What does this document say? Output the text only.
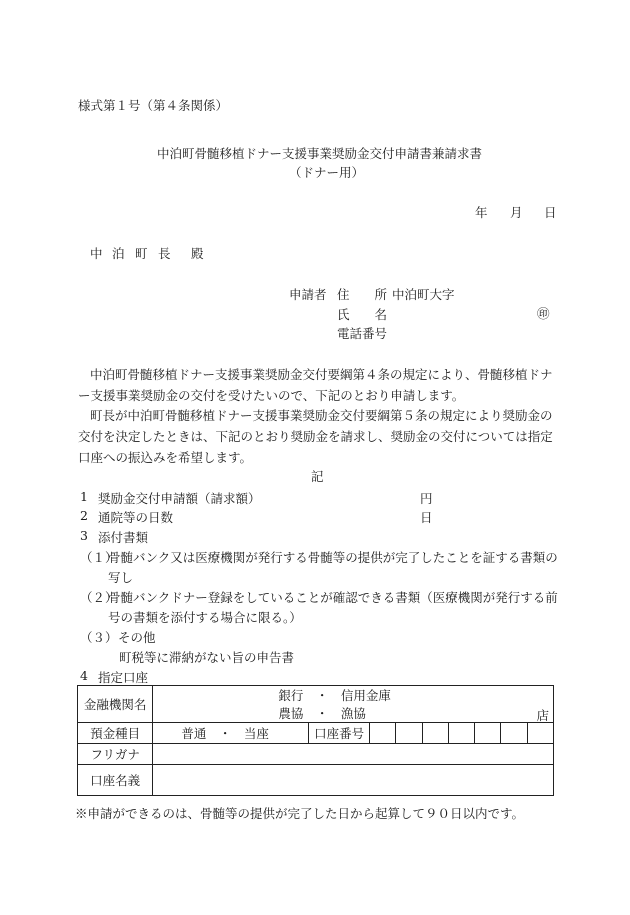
様式第１号（第４条関係）
中泊町骨髄移植ドナー支援事業奨励金交付申請書兼請求書
（ドナー用）
年 月 日
中 泊 町 長 殿
申請者 住　　所 中泊町大字
氏　　名	㊞
電話番号
中泊町骨髄移植ドナー支援事業奨励金交付要綱第４条の規定により、骨髄移植ドナー支援事業奨励金の交付を受けたいので、下記のとおり申請します。
町長が中泊町骨髄移植ドナー支援事業奨励金交付要綱第５条の規定により奨励金の交付を決定したときは、下記のとおり奨励金を請求し、奨励金の交付については指定口座への振込みを希望します。
記
1 奨励金交付申請額（請求額）	円
2 通院等の日数	日
3 添付書類
（１）
骨髄バンク又は医療機関が発行する骨髄等の提供が完了したことを証する書類の写し
（２）
骨髄バンクドナー登録をしていることが確認できる書類（医療機関が発行する前号の書類を添付する場合に限る。）
（３） その他
町税等に滞納がない旨の申告書
4 指定口座
金融機関名	銀行　・　信用金庫								
	農協　・　漁協 店								

預金種目	普通　・　当座	口座番号							
フリガナ									
口座名義									
※申請ができるのは、骨髄等の提供が完了した日から起算して９０日以内です。
